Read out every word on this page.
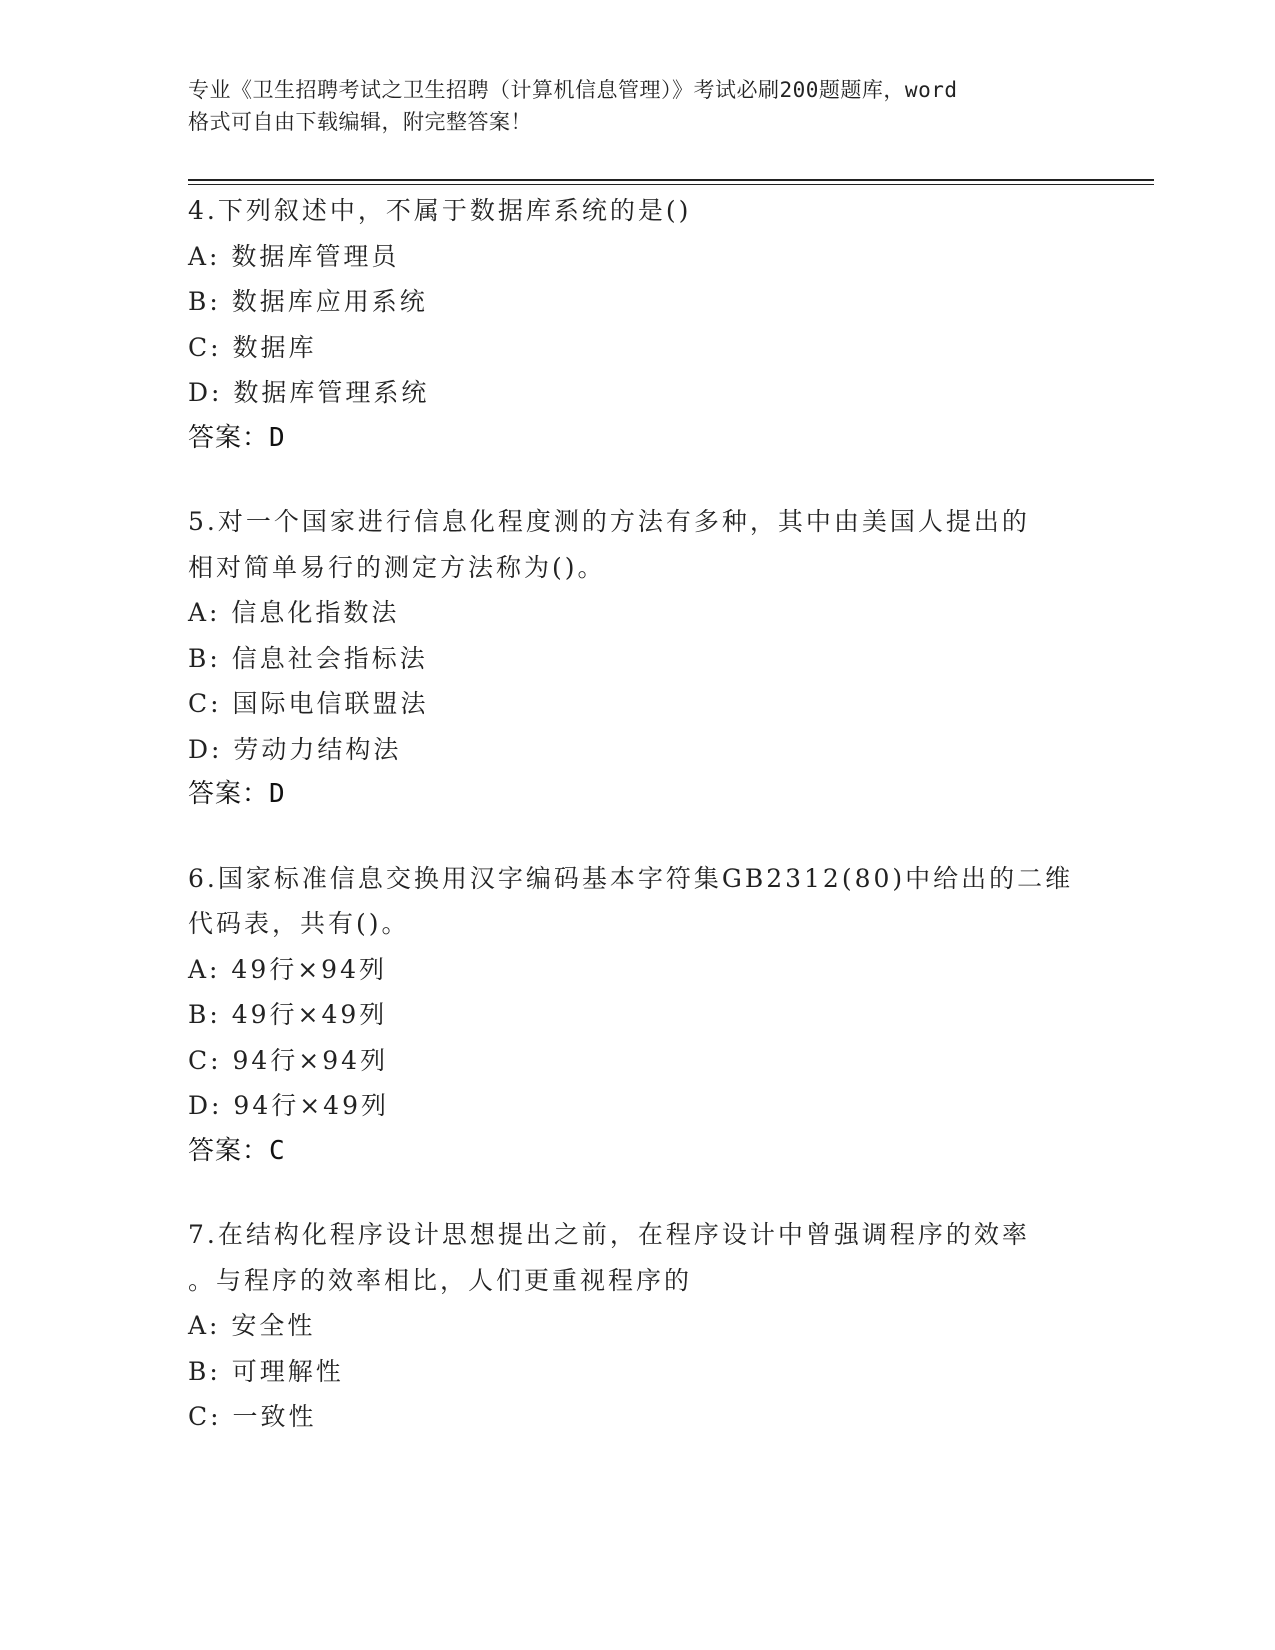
专业《卫生招聘考试之卫生招聘（计算机信息管理）》考试必刷200题题库，word
格式可自由下载编辑，附完整答案！
4.下列叙述中，不属于数据库系统的是()
A: 数据库管理员
B: 数据库应用系统
C: 数据库
D: 数据库管理系统
答案：D
5.对一个国家进行信息化程度测的方法有多种，其中由美国人提出的
相对简单易行的测定方法称为()。
A: 信息化指数法
B: 信息社会指标法
C: 国际电信联盟法
D: 劳动力结构法
答案：D
6.国家标准信息交换用汉字编码基本字符集GB2312(80)中给出的二维
代码表，共有()。
A: 49行×94列
B: 49行×49列
C: 94行×94列
D: 94行×49列
答案：C
7.在结构化程序设计思想提出之前，在程序设计中曾强调程序的效率
。与程序的效率相比，人们更重视程序的
A: 安全性
B: 可理解性
C: 一致性
